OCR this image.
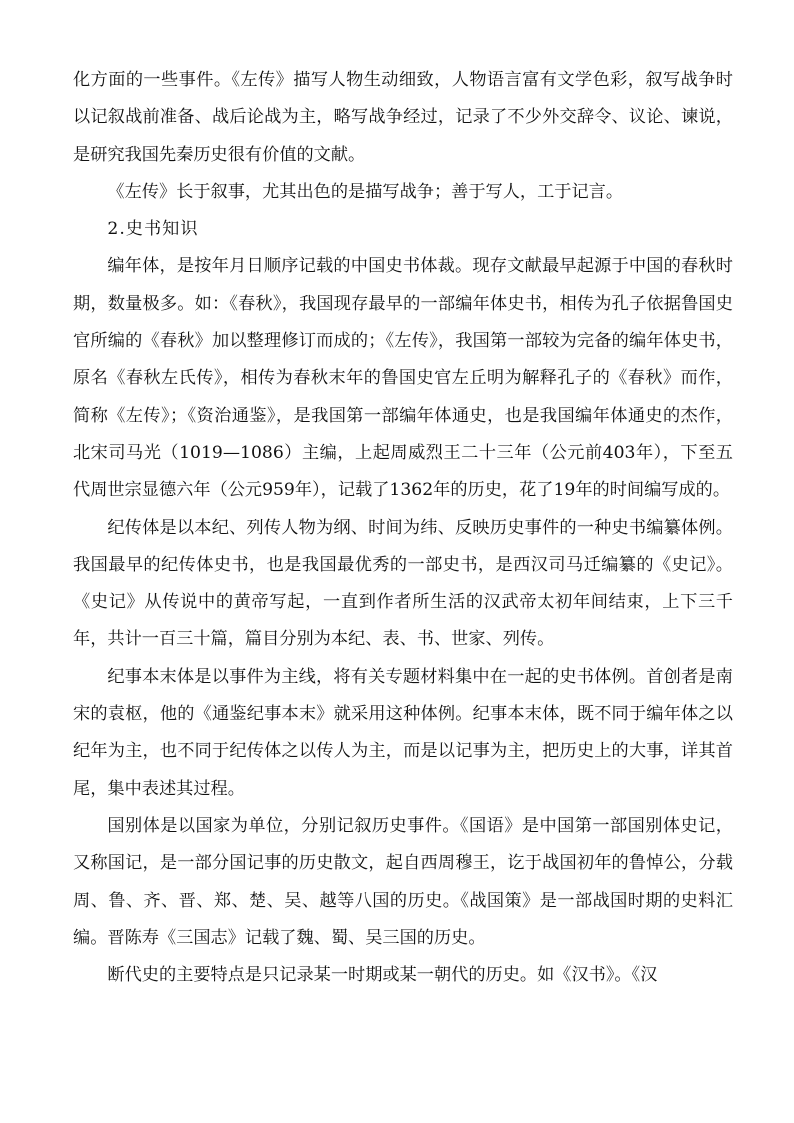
化方面的一些事件。《左传》描写人物生动细致，人物语言富有文学色彩，叙写战争时以记叙战前准备、战后论战为主，略写战争经过，记录了不少外交辞令、议论、谏说，是研究我国先秦历史很有价值的文献。

《左传》长于叙事，尤其出色的是描写战争；善于写人，工于记言。

2.史书知识

编年体，是按年月日顺序记载的中国史书体裁。现存文献最早起源于中国的春秋时期，数量极多。如：《春秋》，我国现存最早的一部编年体史书，相传为孔子依据鲁国史官所编的《春秋》加以整理修订而成的；《左传》，我国第一部较为完备的编年体史书，原名《春秋左氏传》，相传为春秋末年的鲁国史官左丘明为解释孔子的《春秋》而作，简称《左传》；《资治通鉴》，是我国第一部编年体通史，也是我国编年体通史的杰作，北宋司马光（1019—1086）主编，上起周威烈王二十三年（公元前403年），下至五代周世宗显德六年（公元959年），记载了1362年的历史，花了19年的时间编写成的。

纪传体是以本纪、列传人物为纲、时间为纬、反映历史事件的一种史书编纂体例。我国最早的纪传体史书，也是我国最优秀的一部史书，是西汉司马迁编纂的《史记》。《史记》从传说中的黄帝写起，一直到作者所生活的汉武帝太初年间结束，上下三千年，共计一百三十篇，篇目分别为本纪、表、书、世家、列传。

纪事本末体是以事件为主线，将有关专题材料集中在一起的史书体例。首创者是南宋的袁枢，他的《通鉴纪事本末》就采用这种体例。纪事本末体，既不同于编年体之以纪年为主，也不同于纪传体之以传人为主，而是以记事为主，把历史上的大事，详其首尾，集中表述其过程。

国别体是以国家为单位，分别记叙历史事件。《国语》是中国第一部国别体史记，又称国记，是一部分国记事的历史散文，起自西周穆王，讫于战国初年的鲁悼公，分载周、鲁、齐、晋、郑、楚、吴、越等八国的历史。《战国策》是一部战国时期的史料汇编。晋陈寿《三国志》记载了魏、蜀、吴三国的历史。

断代史的主要特点是只记录某一时期或某一朝代的历史。如《汉书》。《汉
